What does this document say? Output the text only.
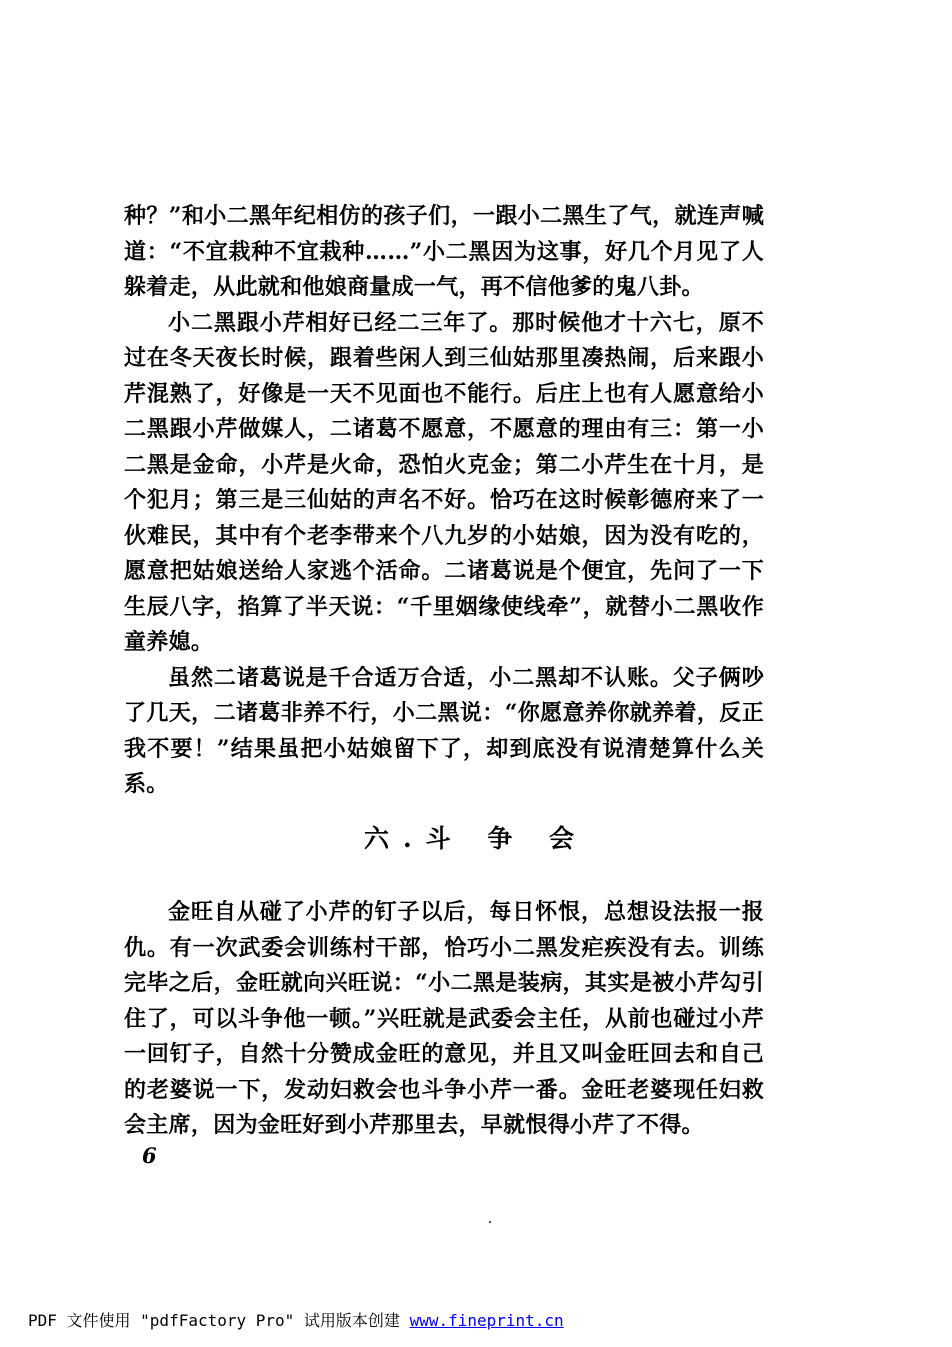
种？”和小二黑年纪相仿的孩子们，一跟小二黑生了气，就连声喊道：“不宜栽种不宜栽种……”小二黑因为这事，好几个月见了人躲着走，从此就和他娘商量成一气，再不信他爹的鬼八卦。

小二黑跟小芹相好已经二三年了。那时候他才十六七，原不过在冬天夜长时候，跟着些闲人到三仙姑那里凑热闹，后来跟小芹混熟了，好像是一天不见面也不能行。后庄上也有人愿意给小二黑跟小芹做媒人，二诸葛不愿意，不愿意的理由有三：第一小二黑是金命，小芹是火命，恐怕火克金；第二小芹生在十月，是个犯月；第三是三仙姑的声名不好。恰巧在这时候彰德府来了一伙难民，其中有个老李带来个八九岁的小姑娘，因为没有吃的，愿意把姑娘送给人家逃个活命。二诸葛说是个便宜，先问了一下生辰八字，掐算了半天说：“千里姻缘使线牵”，就替小二黑收作童养媳。

虽然二诸葛说是千合适万合适，小二黑却不认账。父子俩吵了几天，二诸葛非养不行，小二黑说：“你愿意养你就养着，反正我不要！”结果虽把小姑娘留下了，却到底没有说清楚算什么关系。

六.斗 争 会

金旺自从碰了小芹的钉子以后，每日怀恨，总想设法报一报仇。有一次武委会训练村干部，恰巧小二黑发疟疾没有去。训练完毕之后，金旺就向兴旺说：“小二黑是装病，其实是被小芹勾引住了，可以斗争他一顿。”兴旺就是武委会主任，从前也碰过小芹一回钉子，自然十分赞成金旺的意见，并且又叫金旺回去和自己的老婆说一下，发动妇救会也斗争小芹一番。金旺老婆现任妇救会主席，因为金旺好到小芹那里去，早就恨得小芹了不得。

6
PDF 文件使用 "pdfFactory Pro" 试用版本创建 www.fineprint.cn
